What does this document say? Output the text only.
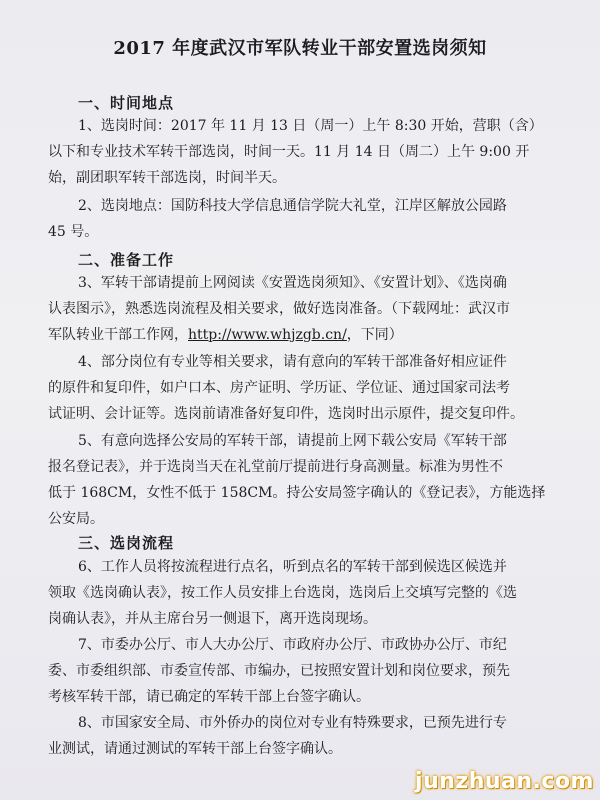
2017 年度武汉市军队转业干部安置选岗须知
一、时间地点

1、选岗时间：2017 年 11 月 13 日（周一）上午 8:30 开始，营职（含）

以下和专业技术军转干部选岗，时间一天。11 月 14 日（周二）上午 9:00 开

始，副团职军转干部选岗，时间半天。

2、选岗地点：国防科技大学信息通信学院大礼堂，江岸区解放公园路

45 号。

二、准备工作

3、军转干部请提前上网阅读《安置选岗须知》、《安置计划》、《选岗确

认表图示》，熟悉选岗流程及相关要求，做好选岗准备。（下载网址：武汉市

军队转业干部工作网，http://www.whjzgb.cn/，下同）

4、部分岗位有专业等相关要求，请有意向的军转干部准备好相应证件

的原件和复印件，如户口本、房产证明、学历证、学位证、通过国家司法考

试证明、会计证等。选岗前请准备好复印件，选岗时出示原件，提交复印件。

5、有意向选择公安局的军转干部，请提前上网下载公安局《军转干部

报名登记表》，并于选岗当天在礼堂前厅提前进行身高测量。标准为男性不

低于 168CM，女性不低于 158CM。持公安局签字确认的《登记表》，方能选择

公安局。

三、选岗流程

6、工作人员将按流程进行点名，听到点名的军转干部到候选区候选并

领取《选岗确认表》，按工作人员安排上台选岗，选岗后上交填写完整的《选

岗确认表》，并从主席台另一侧退下，离开选岗现场。

7、市委办公厅、市人大办公厅、市政府办公厅、市政协办公厅、市纪

委、市委组织部、市委宣传部、市编办，已按照安置计划和岗位要求，预先

考核军转干部，请已确定的军转干部上台签字确认。

8、市国家安全局、市外侨办的岗位对专业有特殊要求，已预先进行专

业测试，请通过测试的军转干部上台签字确认。

junzhuan.com
